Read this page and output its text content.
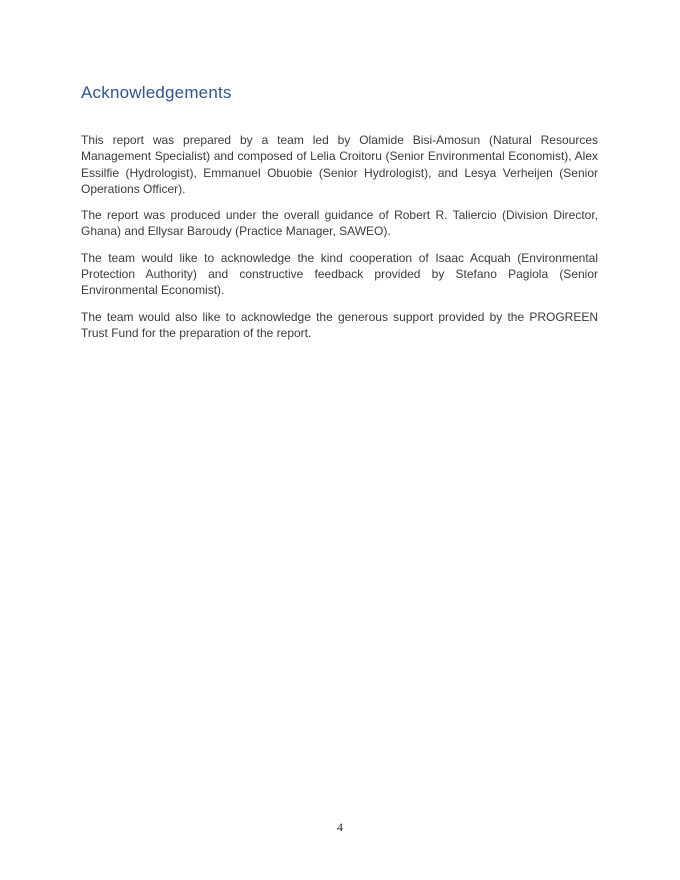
Acknowledgements

This report was prepared by a team led by Olamide Bisi-Amosun (Natural Resources Management Specialist) and composed of Lelia Croitoru (Senior Environmental Economist), Alex Essilfie (Hydrologist), Emmanuel Obuobie (Senior Hydrologist), and Lesya Verheijen (Senior Operations Officer).

The report was produced under the overall guidance of Robert R. Taliercio (Division Director, Ghana) and Ellysar Baroudy (Practice Manager, SAWEO).

The team would like to acknowledge the kind cooperation of Isaac Acquah (Environmental Protection Authority) and constructive feedback provided by Stefano Pagiola (Senior Environmental Economist).

The team would also like to acknowledge the generous support provided by the PROGREEN Trust Fund for the preparation of the report.

4
